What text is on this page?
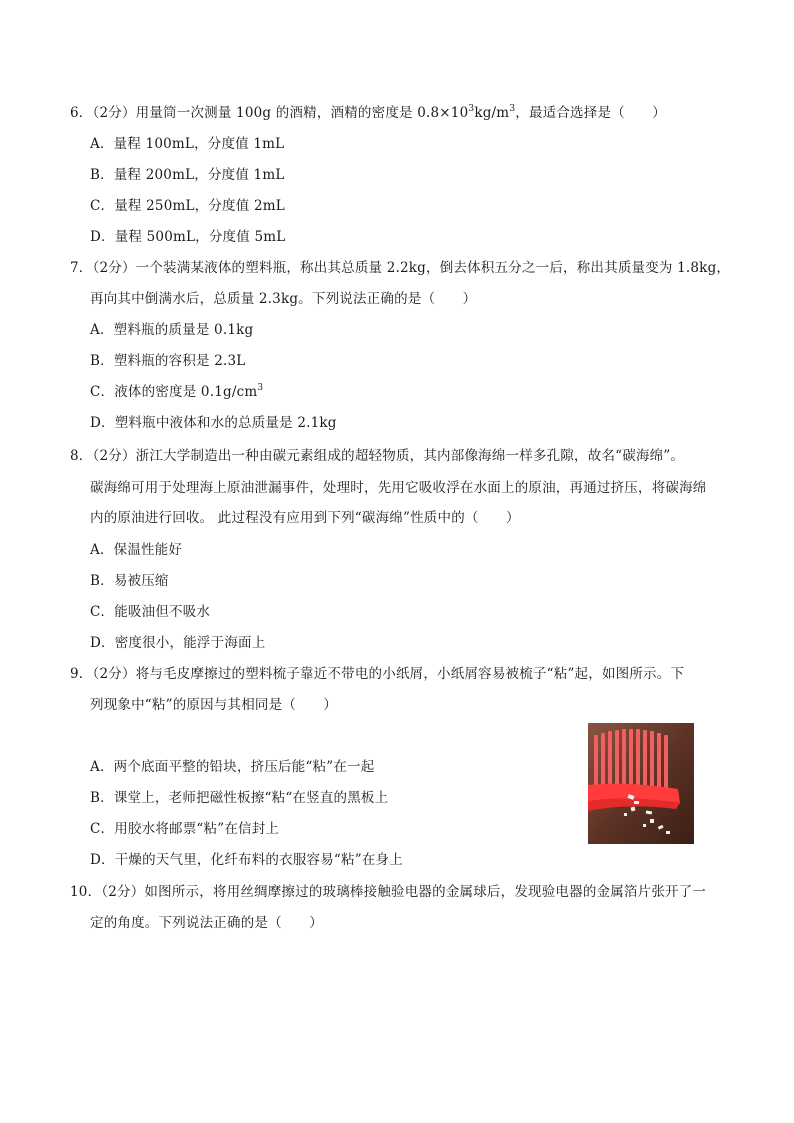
6．（2分）用量筒一次测量 100g 的酒精，酒精的密度是 $0.8\times 10^3kg/m^3$，最适合选择是（　　）
A．量程 100mL，分度值 1mL
B．量程 200mL，分度值 1mL
C．量程 250mL，分度值 2mL
D．量程 500mL，分度值 5mL
7．（2分）一个装满某液体的塑料瓶，称出其总质量 2.2kg，倒去体积五分之一后，称出其质量变为 1.8kg，
再向其中倒满水后，总质量 2.3kg。下列说法正确的是（　　）
A．塑料瓶的质量是 0.1kg
B．塑料瓶的容积是 2.3L
C．液体的密度是 $0.1g/cm^3$
D．塑料瓶中液体和水的总质量是 2.1kg
8．（2分）浙江大学制造出一种由碳元素组成的超轻物质，其内部像海绵一样多孔隙，故名“碳海绵”。
碳海绵可用于处理海上原油泄漏事件，处理时，先用它吸收浮在水面上的原油，再通过挤压，将碳海绵
内的原油进行回收。 此过程没有应用到下列“碳海绵”性质中的（　　）
A．保温性能好
B．易被压缩
C．能吸油但不吸水
D．密度很小，能浮于海面上
9．（2分）将与毛皮摩擦过的塑料梳子靠近不带电的小纸屑，小纸屑容易被梳子“粘”起，如图所示。下
列现象中“粘”的原因与其相同是（　　）
A．两个底面平整的铅块，挤压后能“粘”在一起
B．课堂上，老师把磁性板擦“粘“在竖直的黑板上
C．用胶水将邮票“粘”在信封上
D．干燥的天气里，化纤布料的衣服容易“粘”在身上
10．（2分）如图所示，将用丝绸摩擦过的玻璃棒接触验电器的金属球后，发现验电器的金属箔片张开了一
定的角度。下列说法正确的是（　　）
